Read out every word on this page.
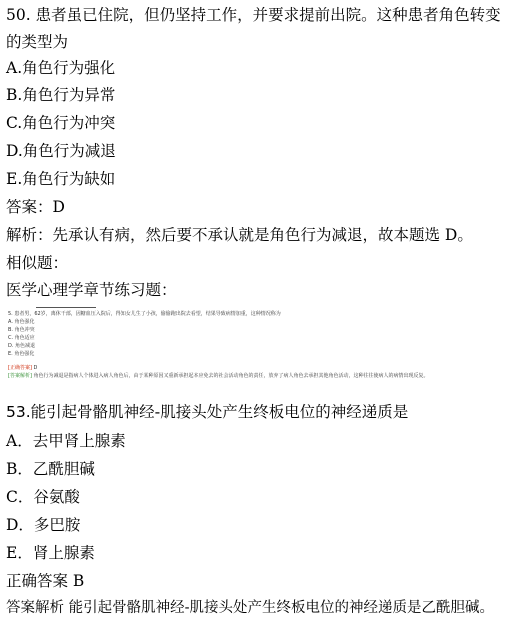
50. 患者虽已住院，但仍坚持工作，并要求提前出院。这种患者角色转变的类型为
A.角色行为强化
B.角色行为异常
C.角色行为冲突
D.角色行为减退
E.角色行为缺如
答案：D
解析：先承认有病，然后要不承认就是角色行为减退，故本题选 D。
相似题：
医学心理学章节练习题：
5. 患者男，62岁，离休干部，因糖血压入院后，得知女儿生了小孩，偷偷跑出院去看望，结果导致病情加重，这种情况称为
A. 角色强化
B. 角色冲突
C. 角色适应
D. 角色减退
E. 角色强化
[正确答案] D
[答案解析] 角色行为减退是指病人个体进入病人角色后，由于某种原因又重新承担起本应免去的社会活动角色的责任，放弃了病人角色去承担其他角色活动，这种往往使病人的病情出现反复。
53.能引起骨骼肌神经-肌接头处产生终板电位的神经递质是
A．去甲肾上腺素
B．乙酰胆碱
C．谷氨酸
D．多巴胺
E．肾上腺素
正确答案 B
答案解析 能引起骨骼肌神经-肌接头处产生终板电位的神经递质是乙酰胆碱。
